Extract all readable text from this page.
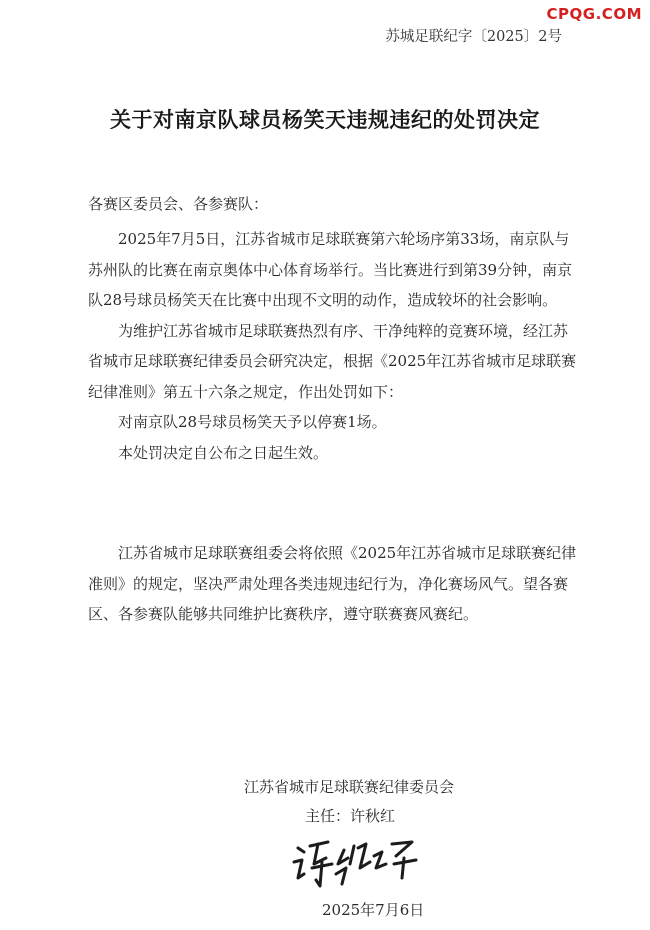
CPQG.COM
苏城足联纪字〔2025〕2号
关于对南京队球员杨笑天违规违纪的处罚决定
各赛区委员会、各参赛队：

2025年7月5日，江苏省城市足球联赛第六轮场序第33场，南京队与苏州队的比赛在南京奥体中心体育场举行。当比赛进行到第39分钟，南京队28号球员杨笑天在比赛中出现不文明的动作，造成较坏的社会影响。

为维护江苏省城市足球联赛热烈有序、干净纯粹的竞赛环境，经江苏省城市足球联赛纪律委员会研究决定，根据《2025年江苏省城市足球联赛纪律准则》第五十六条之规定，作出处罚如下：

对南京队28号球员杨笑天予以停赛1场。

本处罚决定自公布之日起生效。

江苏省城市足球联赛组委会将依照《2025年江苏省城市足球联赛纪律准则》的规定，坚决严肃处理各类违规违纪行为，净化赛场风气。望各赛区、各参赛队能够共同维护比赛秩序，遵守联赛赛风赛纪。

江苏省城市足球联赛纪律委员会
主任：许秋红
2025年7月6日
